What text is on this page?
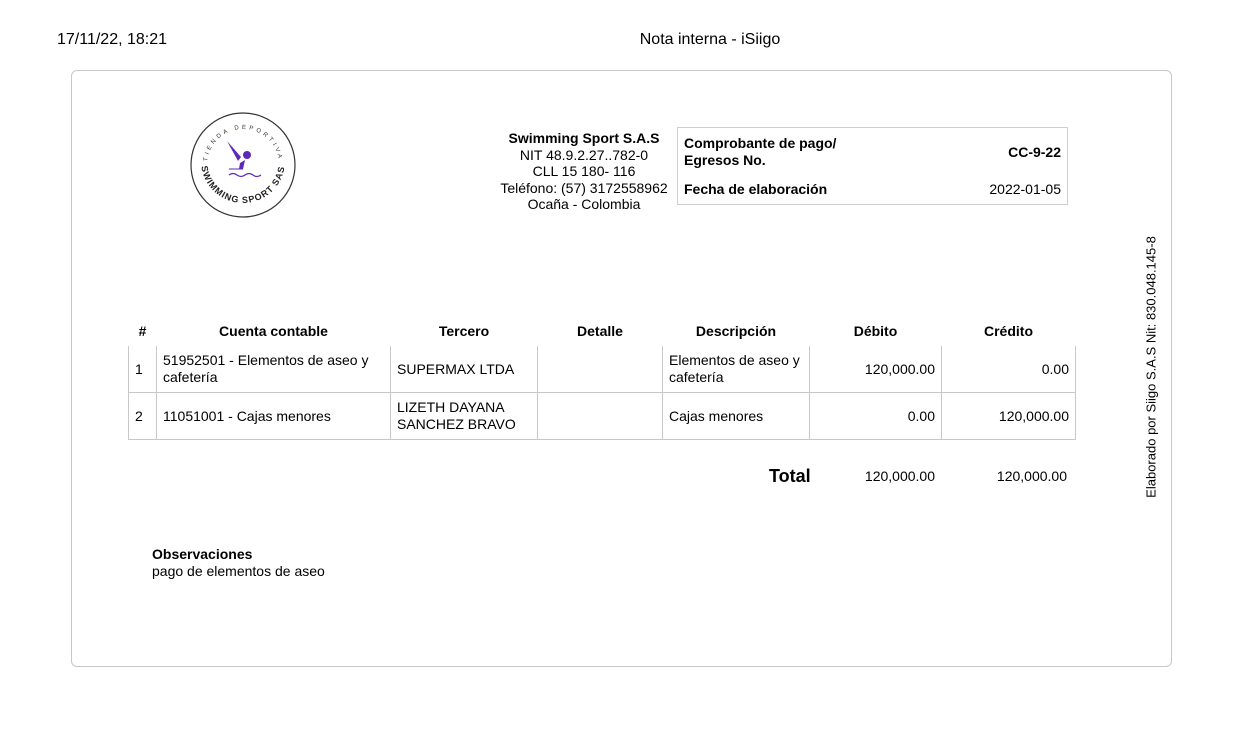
17/11/22, 18:21	Nota interna - iSiigo
TIENDA DEPORTIVA
SWIMMING SPORT SAS
Swimming Sport S.A.S
NIT 48.9.2.27..782-0
CLL 15 180- 116
Teléfono: (57) 3172558962
Ocaña - Colombia
Comprobante de pago/ Egresos No.	CC-9-22
Fecha de elaboración	2022-01-05
#	Cuenta contable	Tercero	Detalle	Descripción	Débito	Crédito
1	51952501 - Elementos de aseo y cafetería	SUPERMAX LTDA		Elementos de aseo y cafetería	120,000.00	0.00
2	11051001 - Cajas menores	LIZETH DAYANA SANCHEZ BRAVO		Cajas menores	0.00	120,000.00
Total	120,000.00	120,000.00
Observaciones
pago de elementos de aseo
Elaborado por Siigo S.A.S Nit: 830.048.145-8
